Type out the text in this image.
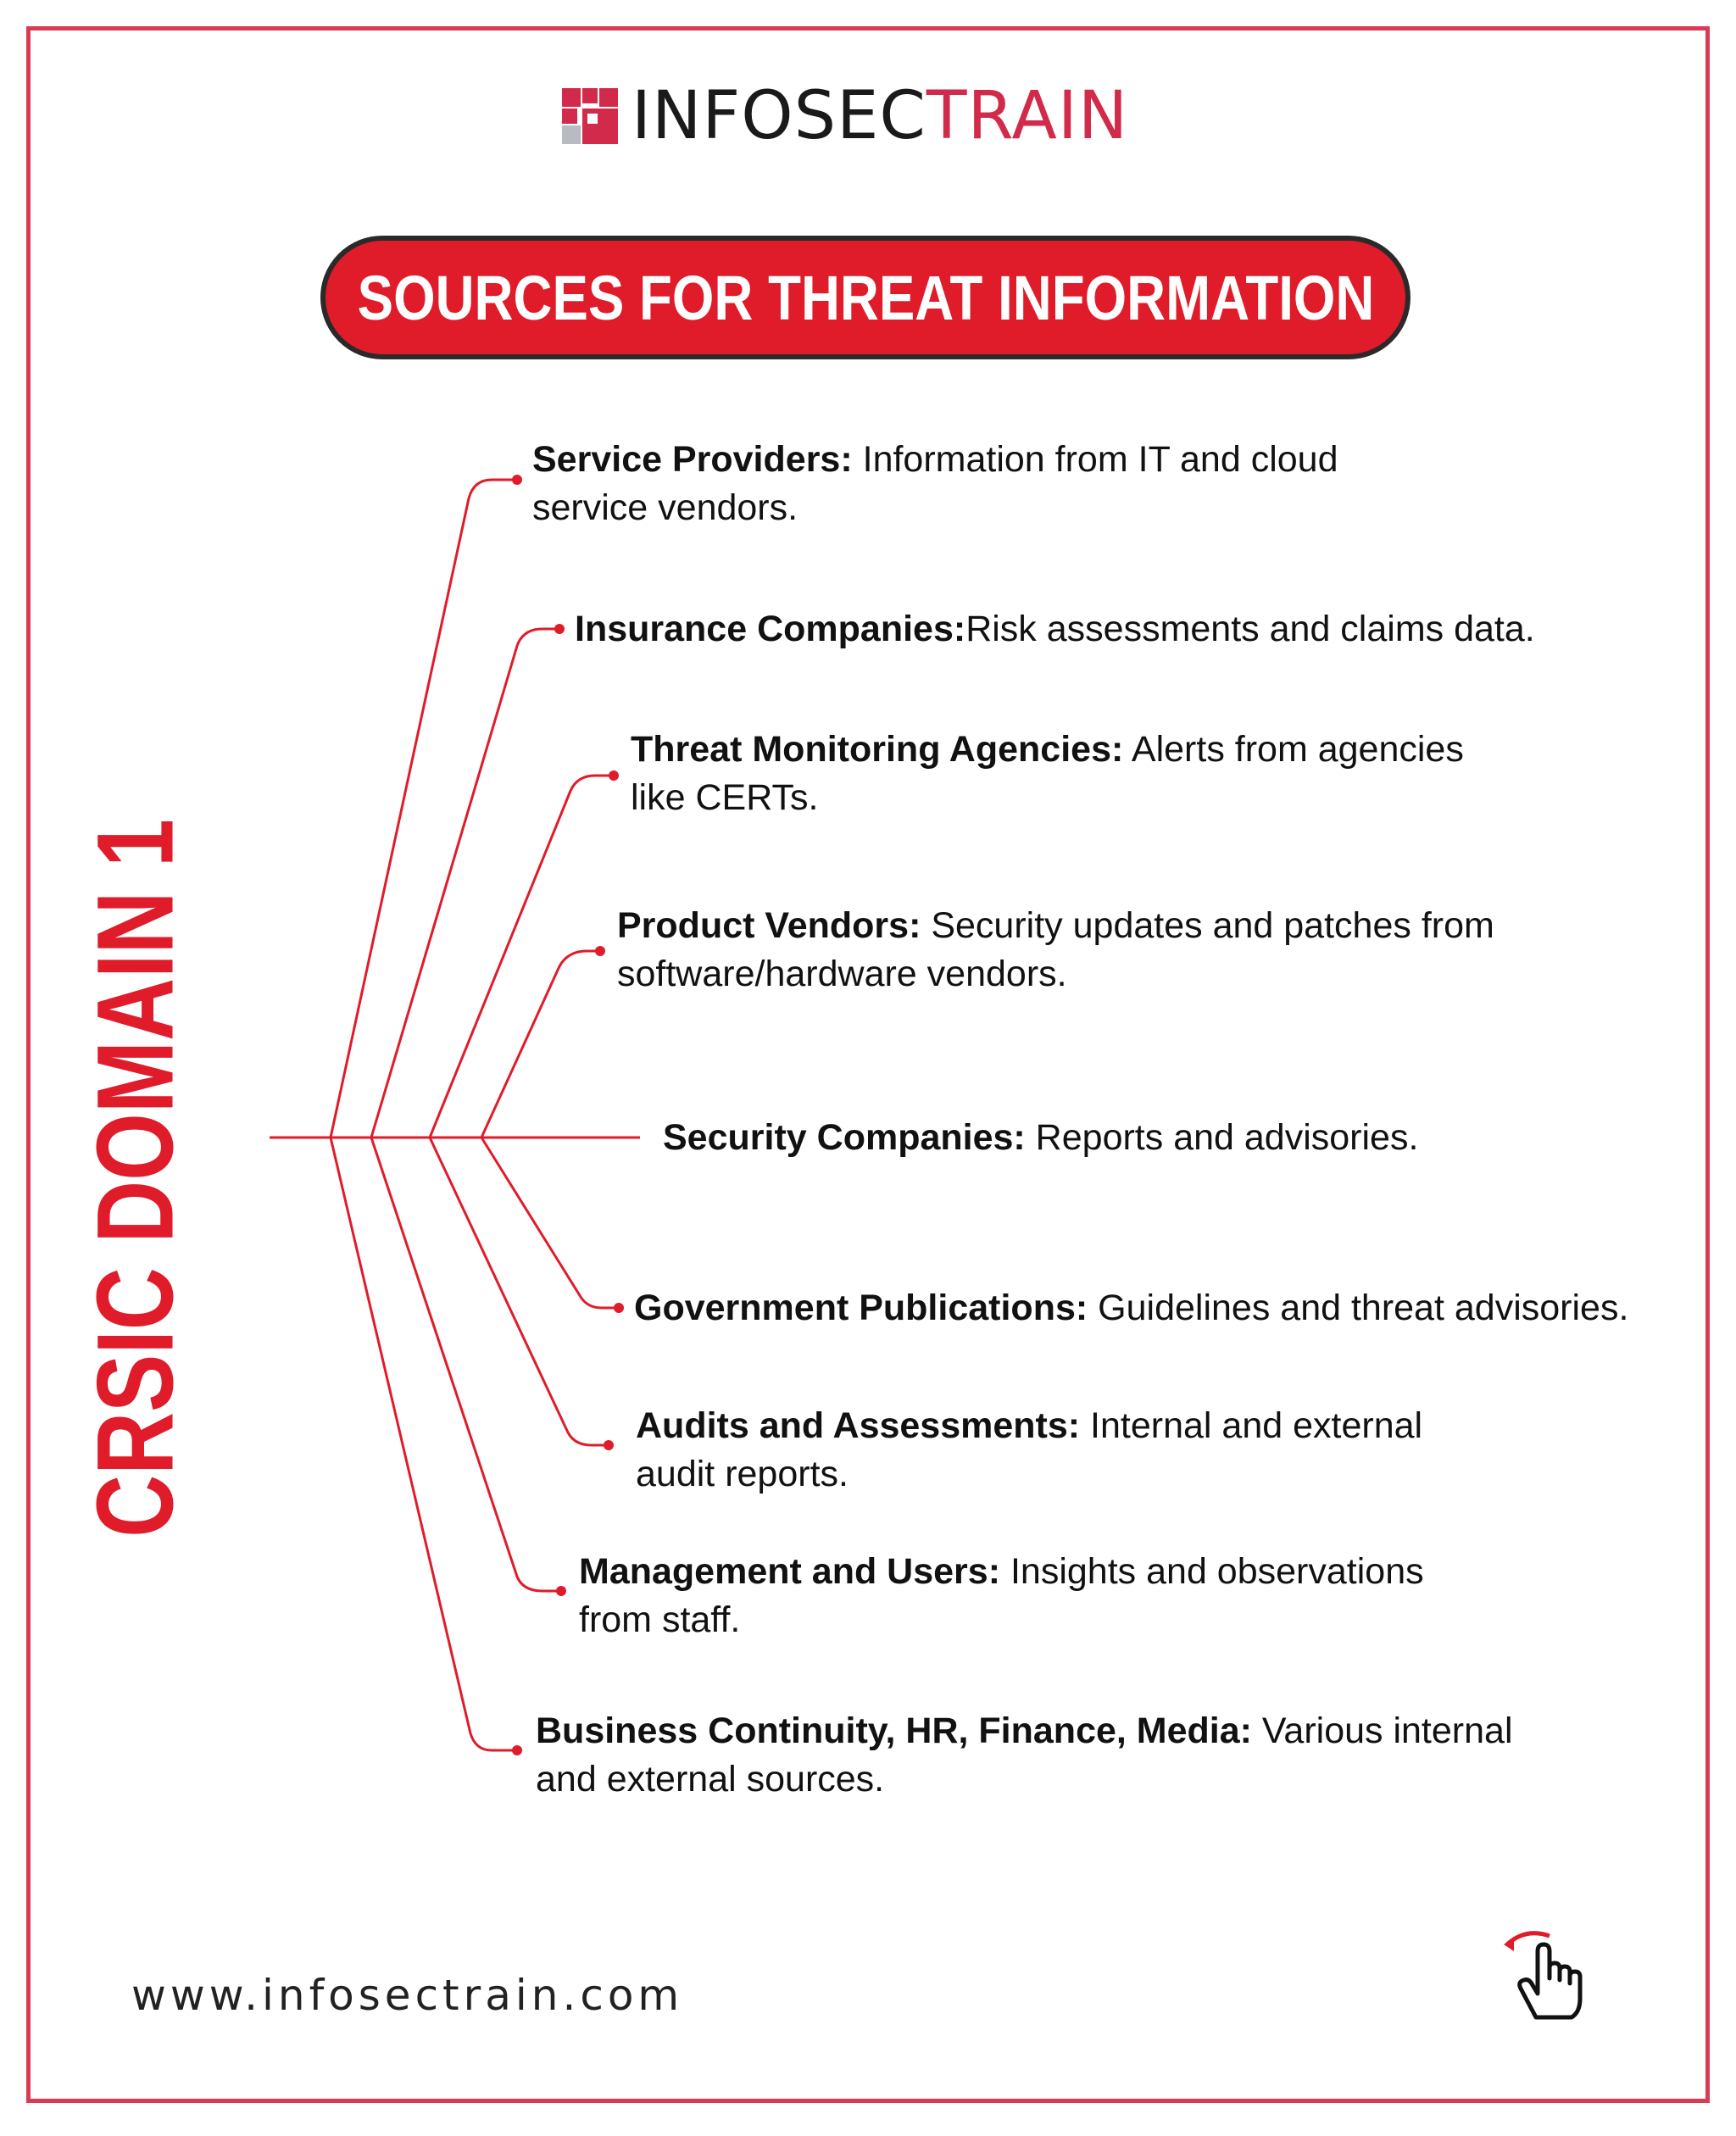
INFOSECTRAIN
SOURCES FOR THREAT INFORMATION
CRSIC DOMAIN 1
Service Providers: Information from IT and cloud
service vendors.
Insurance Companies:Risk assessments and claims data.
Threat Monitoring Agencies: Alerts from agencies
like CERTs.
Product Vendors: Security updates and patches from
software/hardware vendors.
Security Companies: Reports and advisories.
Government Publications: Guidelines and threat advisories.
Audits and Assessments: Internal and external
audit reports.
Management and Users: Insights and observations
from staff.
Business Continuity, HR, Finance, Media: Various internal
and external sources.
www.infosectrain.com
